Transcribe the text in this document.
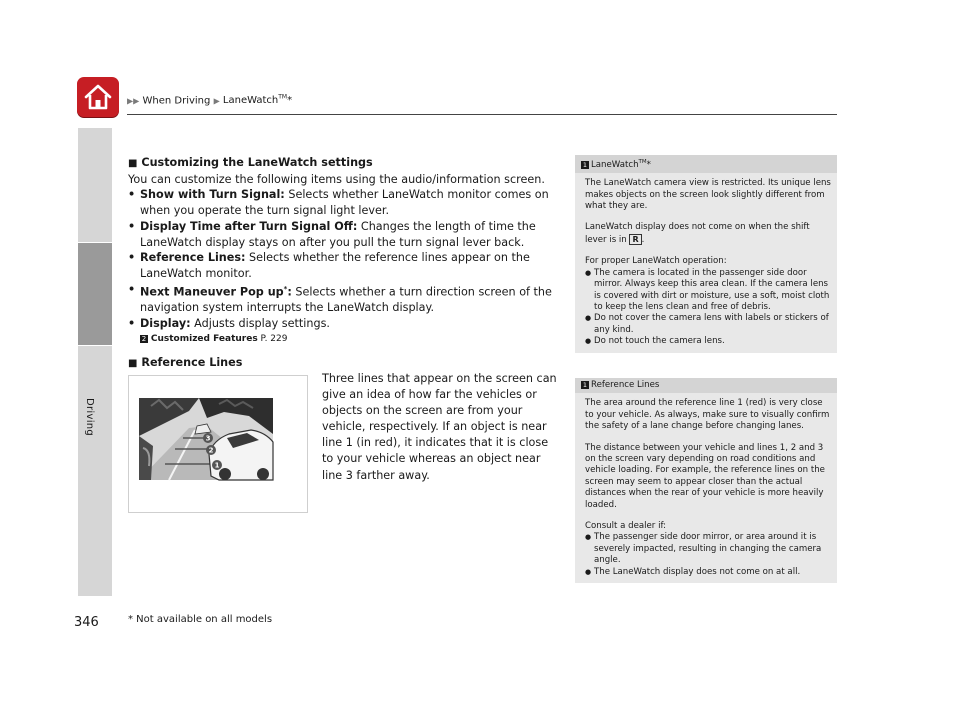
▶▶ When Driving ▶ LaneWatch™*
Driving
■ Customizing the LaneWatch settings

You can customize the following items using the audio/information screen.

• Show with Turn Signal: Selects whether LaneWatch monitor comes on when you operate the turn signal light lever.
• Display Time after Turn Signal Off: Changes the length of time the LaneWatch display stays on after you pull the turn signal lever back.
• Reference Lines: Selects whether the reference lines appear on the LaneWatch monitor.
• Next Maneuver Pop up*: Selects whether a turn direction screen of the navigation system interrupts the LaneWatch display.
• Display: Adjusts display settings.
2 Customized Features P. 229
■ Reference Lines
1
2
3
Three lines that appear on the screen can give an idea of how far the vehicles or objects on the screen are from your vehicle, respectively. If an object is near line 1 (in red), it indicates that it is close to your vehicle whereas an object near line 3 farther away.
1 LaneWatch™*

The LaneWatch camera view is restricted. Its unique lens makes objects on the screen look slightly different from what they are.

LaneWatch display does not come on when the shift lever is in R .

For proper LaneWatch operation:

● The camera is located in the passenger side door mirror. Always keep this area clean. If the camera lens is covered with dirt or moisture, use a soft, moist cloth to keep the lens clean and free of debris.
● Do not cover the camera lens with labels or stickers of any kind.
● Do not touch the camera lens.
1 Reference Lines

The area around the reference line 1 (red) is very close to your vehicle. As always, make sure to visually confirm the safety of a lane change before changing lanes.

The distance between your vehicle and lines 1, 2 and 3 on the screen vary depending on road conditions and vehicle loading. For example, the reference lines on the screen may seem to appear closer than the actual distances when the rear of your vehicle is more heavily loaded.

Consult a dealer if:

● The passenger side door mirror, or area around it is severely impacted, resulting in changing the camera angle.
● The LaneWatch display does not come on at all.
346	* Not available on all models
